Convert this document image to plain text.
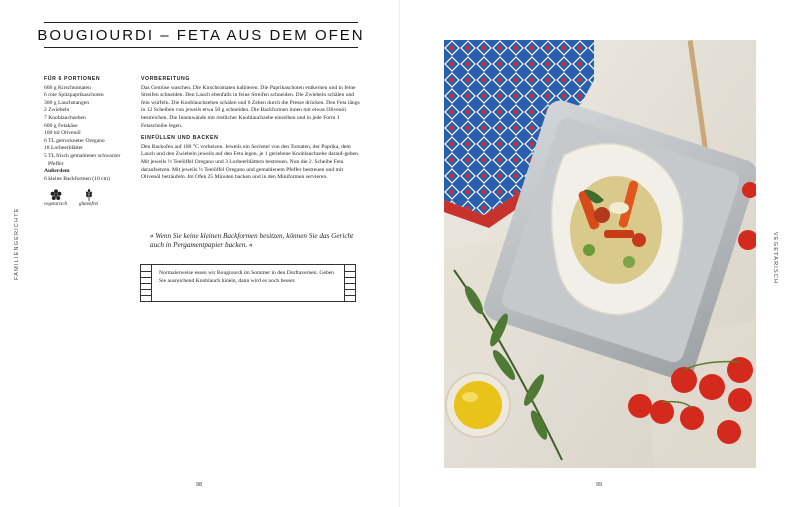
BOUGIOURDI – FETA AUS DEM OFEN
FAMILIENGERICHTE
FÜR 6 PORTIONEN
600 g Kirschtomaten
6 rote Spitzpaprikaschoten
300 g Lauchstangen
2 Zwiebeln
7 Knoblauchzehen
600 g Fetakäse
100 ml Olivenöl
6 TL getrockneter Oregano
18 Lorbeerblätter
5 TL frisch gemahlener schwarzer
Pfeffer
Außerdem
6 kleine Backformen (10 cm)
vegetarisch glutenfrei
VORBEREITUNG

Das Gemüse waschen. Die Kirschtomaten halbieren. Die Paprikaschoten entkernen und in feine Streifen schneiden. Den Lauch ebenfalls in feine Streifen schneiden. Die Zwiebeln schälen und fein würfeln. Die Knoblauchzehen schälen und 6 Zehen durch die Presse drücken. Den Feta längs in 12 Scheiben von jeweils etwa 50 g schneiden. Die Backformen innen mit etwas Olivenöl bestreichen. Die Innenwände mit restlicher Knoblauchzehe einreiben und in jede Form 1 Fetascheibe legen.

EINFÜLLEN UND BACKEN

Den Backofen auf 180 °C vorheizen. Jeweils ein Sechstel von den Tomaten, der Paprika, dem Lauch und den Zwiebeln jeweils auf den Feta legen, je 1 geriebene Knoblauchzehe darauf-geben. Mit jeweils ½ Teelöffel Oregano und 3 Lorbeerblättern bestreuen. Nun die 2. Scheibe Feta daraufsetzen. Mit jeweils ½ Teelöffel Oregano und gemahlenem Pfeffer bestreuen und mit Olivenöl beträufeln. Im Ofen 25 Minuten backen und in den Miniformen servieren.

» Wenn Sie keine kleinen Backformen besitzen, können Sie das Gericht auch in Pergamentpapier backen. «
Normalerweise essen wir Bougiourdi im Sommer in den Dorftavernen. Geben Sie ausreichend Knoblauch hinein, dann wird es noch besser.
98	99
VEGETARISCH
